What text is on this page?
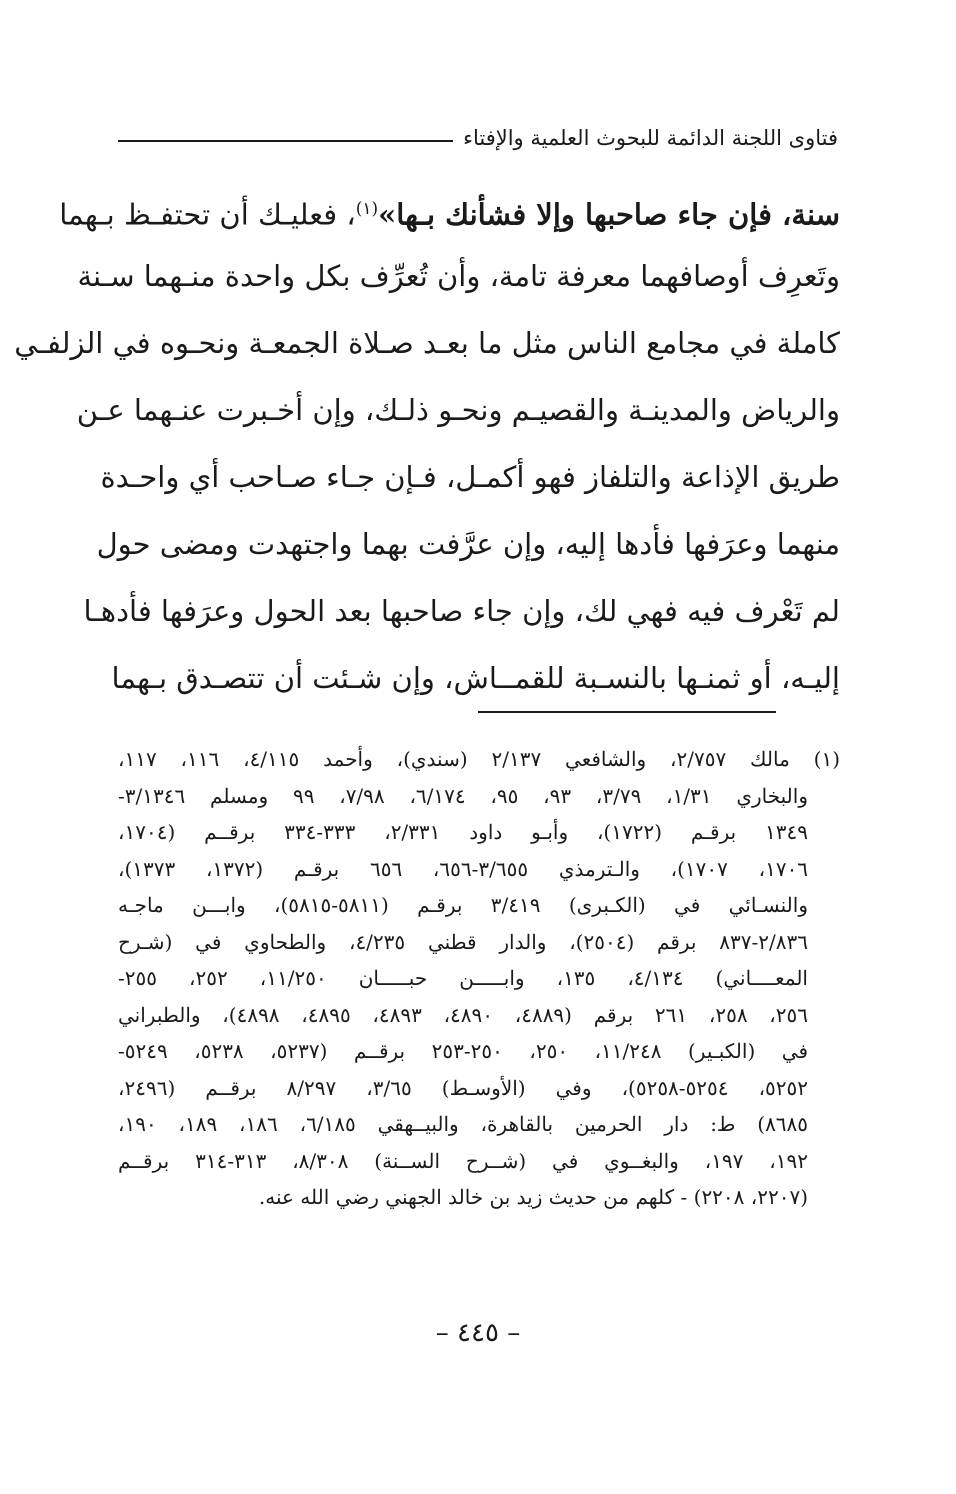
فتاوى اللجنة الدائمة للبحوث العلمية والإفتاء
سنة، فإن جاء صاحبها وإلا فشأنك بـها»$^{(١)}$، فعليـك أن تحتفـظ بـهما
وتَعرِف أوصافهما معرفة تامة، وأن تُعرِّف بكل واحدة منـهما سـنة
كاملة في مجامع الناس مثل ما بعـد صـلاة الجمعـة ونحـوه في الزلفـي
والرياض والمدينـة والقصيـم ونحـو ذلـك، وإن أخـبرت عنـهما عـن
طريق الإذاعة والتلفاز فهو أكمـل، فـإن جـاء صـاحب أي واحـدة
منهما وعرَفها فأدها إليه، وإن عرَّفت بهما واجتهدت ومضى حول
لم تَعْرف فيه فهي لك، وإن جاء صاحبها بعد الحول وعرَفها فأدهـا
إليـه، أو ثمنـها بالنسـبة للقمــاش، وإن شـئت أن تتصـدق بـهما
(١) مالك ٢/٧٥٧، والشافعي ٢/١٣٧ (سندي)، وأحمد ٤/١١٥، ١١٦، ١١٧،
والبخاري ١/٣١، ٣/٧٩، ٩٣، ٩٥، ٦/١٧٤، ٧/٩٨، ٩٩ ومسلم ٣/١٣٤٦-
١٣٤٩ برقـم (١٧٢٢)، وأبـو داود ٢/٣٣١، ٣٣٣-٣٣٤ برقــم (١٧٠٤،
١٧٠٦، ١٧٠٧)، والـترمذي ٣/٦٥٥-٦٥٦، ٦٥٦ برقـم (١٣٧٢، ١٣٧٣)،
والنسـائي في (الكـبرى) ٣/٤١٩ برقـم (٥٨١١-٥٨١٥)، وابـــن ماجـه
٢/٨٣٦-٨٣٧ برقم (٢٥٠٤)، والدار قطني ٤/٢٣٥، والطحاوي في (شـرح
المعــــاني) ٤/١٣٤، ١٣٥، وابـــــن حبـــــان ١١/٢٥٠، ٢٥٢، ٢٥٥-
٢٥٦، ٢٥٨، ٢٦١ برقم (٤٨٨٩، ٤٨٩٠، ٤٨٩٣، ٤٨٩٥، ٤٨٩٨)، والطبراني
في (الكبـير) ١١/٢٤٨، ٢٥٠، ٢٥٠-٢٥٣ برقــم (٥٢٣٧، ٥٢٣٨، ٥٢٤٩-
٥٢٥٢، ٥٢٥٤-٥٢٥٨)، وفي (الأوسـط) ٣/٦٥، ٨/٢٩٧ برقــم (٢٤٩٦،
٨٦٨٥) ط: دار الحرمين بالقاهرة، والبيــهقي ٦/١٨٥، ١٨٦، ١٨٩، ١٩٠،
١٩٢، ١٩٧، والبغــوي في (شــرح الســنة) ٨/٣٠٨، ٣١٣-٣١٤ برقــم
(٢٢٠٧، ٢٢٠٨) - كلهم من حديث زيد بن خالد الجهني رضي الله عنه.
– ٤٤٥ –
